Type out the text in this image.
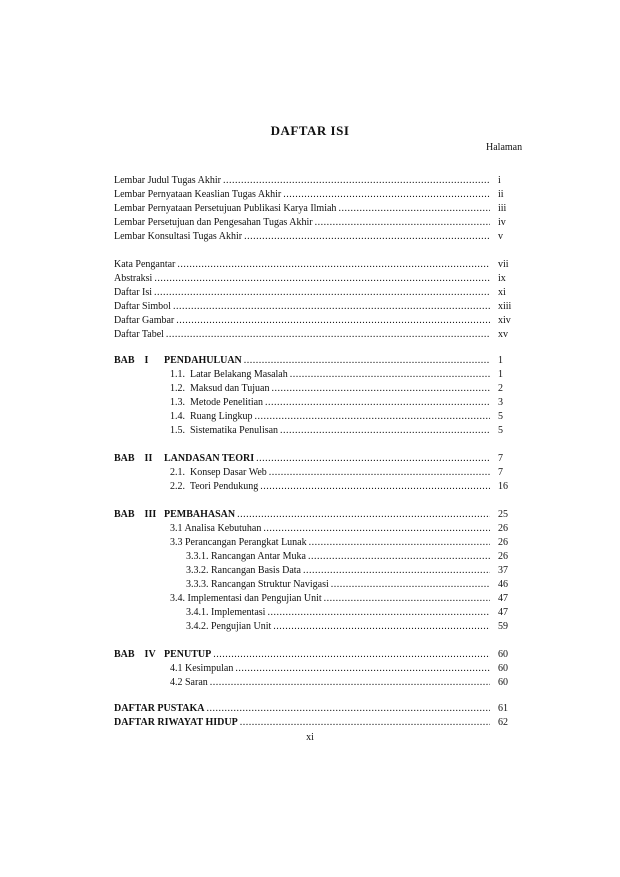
DAFTAR ISI
Halaman
Lembar Judul Tugas Akhir .....	i
Lembar Pernyataan Keaslian Tugas Akhir .....	ii
Lembar Pernyataan Persetujuan Publikasi Karya Ilmiah .....	iii
Lembar Persetujuan dan Pengesahan Tugas Akhir .....	iv
Lembar Konsultasi Tugas Akhir .....	v
Kata Pengantar .....	vii
Abstraksi .....	ix
Daftar Isi .....	xi
Daftar Simbol .....	xiii
Daftar Gambar .....	xiv
Daftar Tabel .....	xv
BAB    I	PENDAHULUAN .....	1
1.1.  Latar Belakang Masalah .....	1
1.2.  Maksud dan Tujuan .....	2
1.3.  Metode Penelitian .....	3
1.4.  Ruang Lingkup .....	5
1.5.  Sistematika Penulisan .....	5
BAB    II	LANDASAN TEORI .....	7
2.1.  Konsep Dasar Web .....	7
2.2.  Teori Pendukung .....	16
BAB    III PEMBAHASAN .....	25
3.1 Analisa Kebutuhan .....	26
3.3 Perancangan Perangkat Lunak .....	26
3.3.1. Rancangan Antar Muka .....	26
3.3.2. Rancangan Basis Data .....	37
3.3.3. Rancangan Struktur Navigasi .....	46
3.4. Implementasi dan Pengujian Unit .....	47
3.4.1. Implementasi .....	47
3.4.2. Pengujian Unit .....	59
BAB    IV PENUTUP .....	60
4.1 Kesimpulan .....	60
4.2 Saran .....	60
DAFTAR PUSTAKA .....	61
DAFTAR RIWAYAT HIDUP .....	62
xi
